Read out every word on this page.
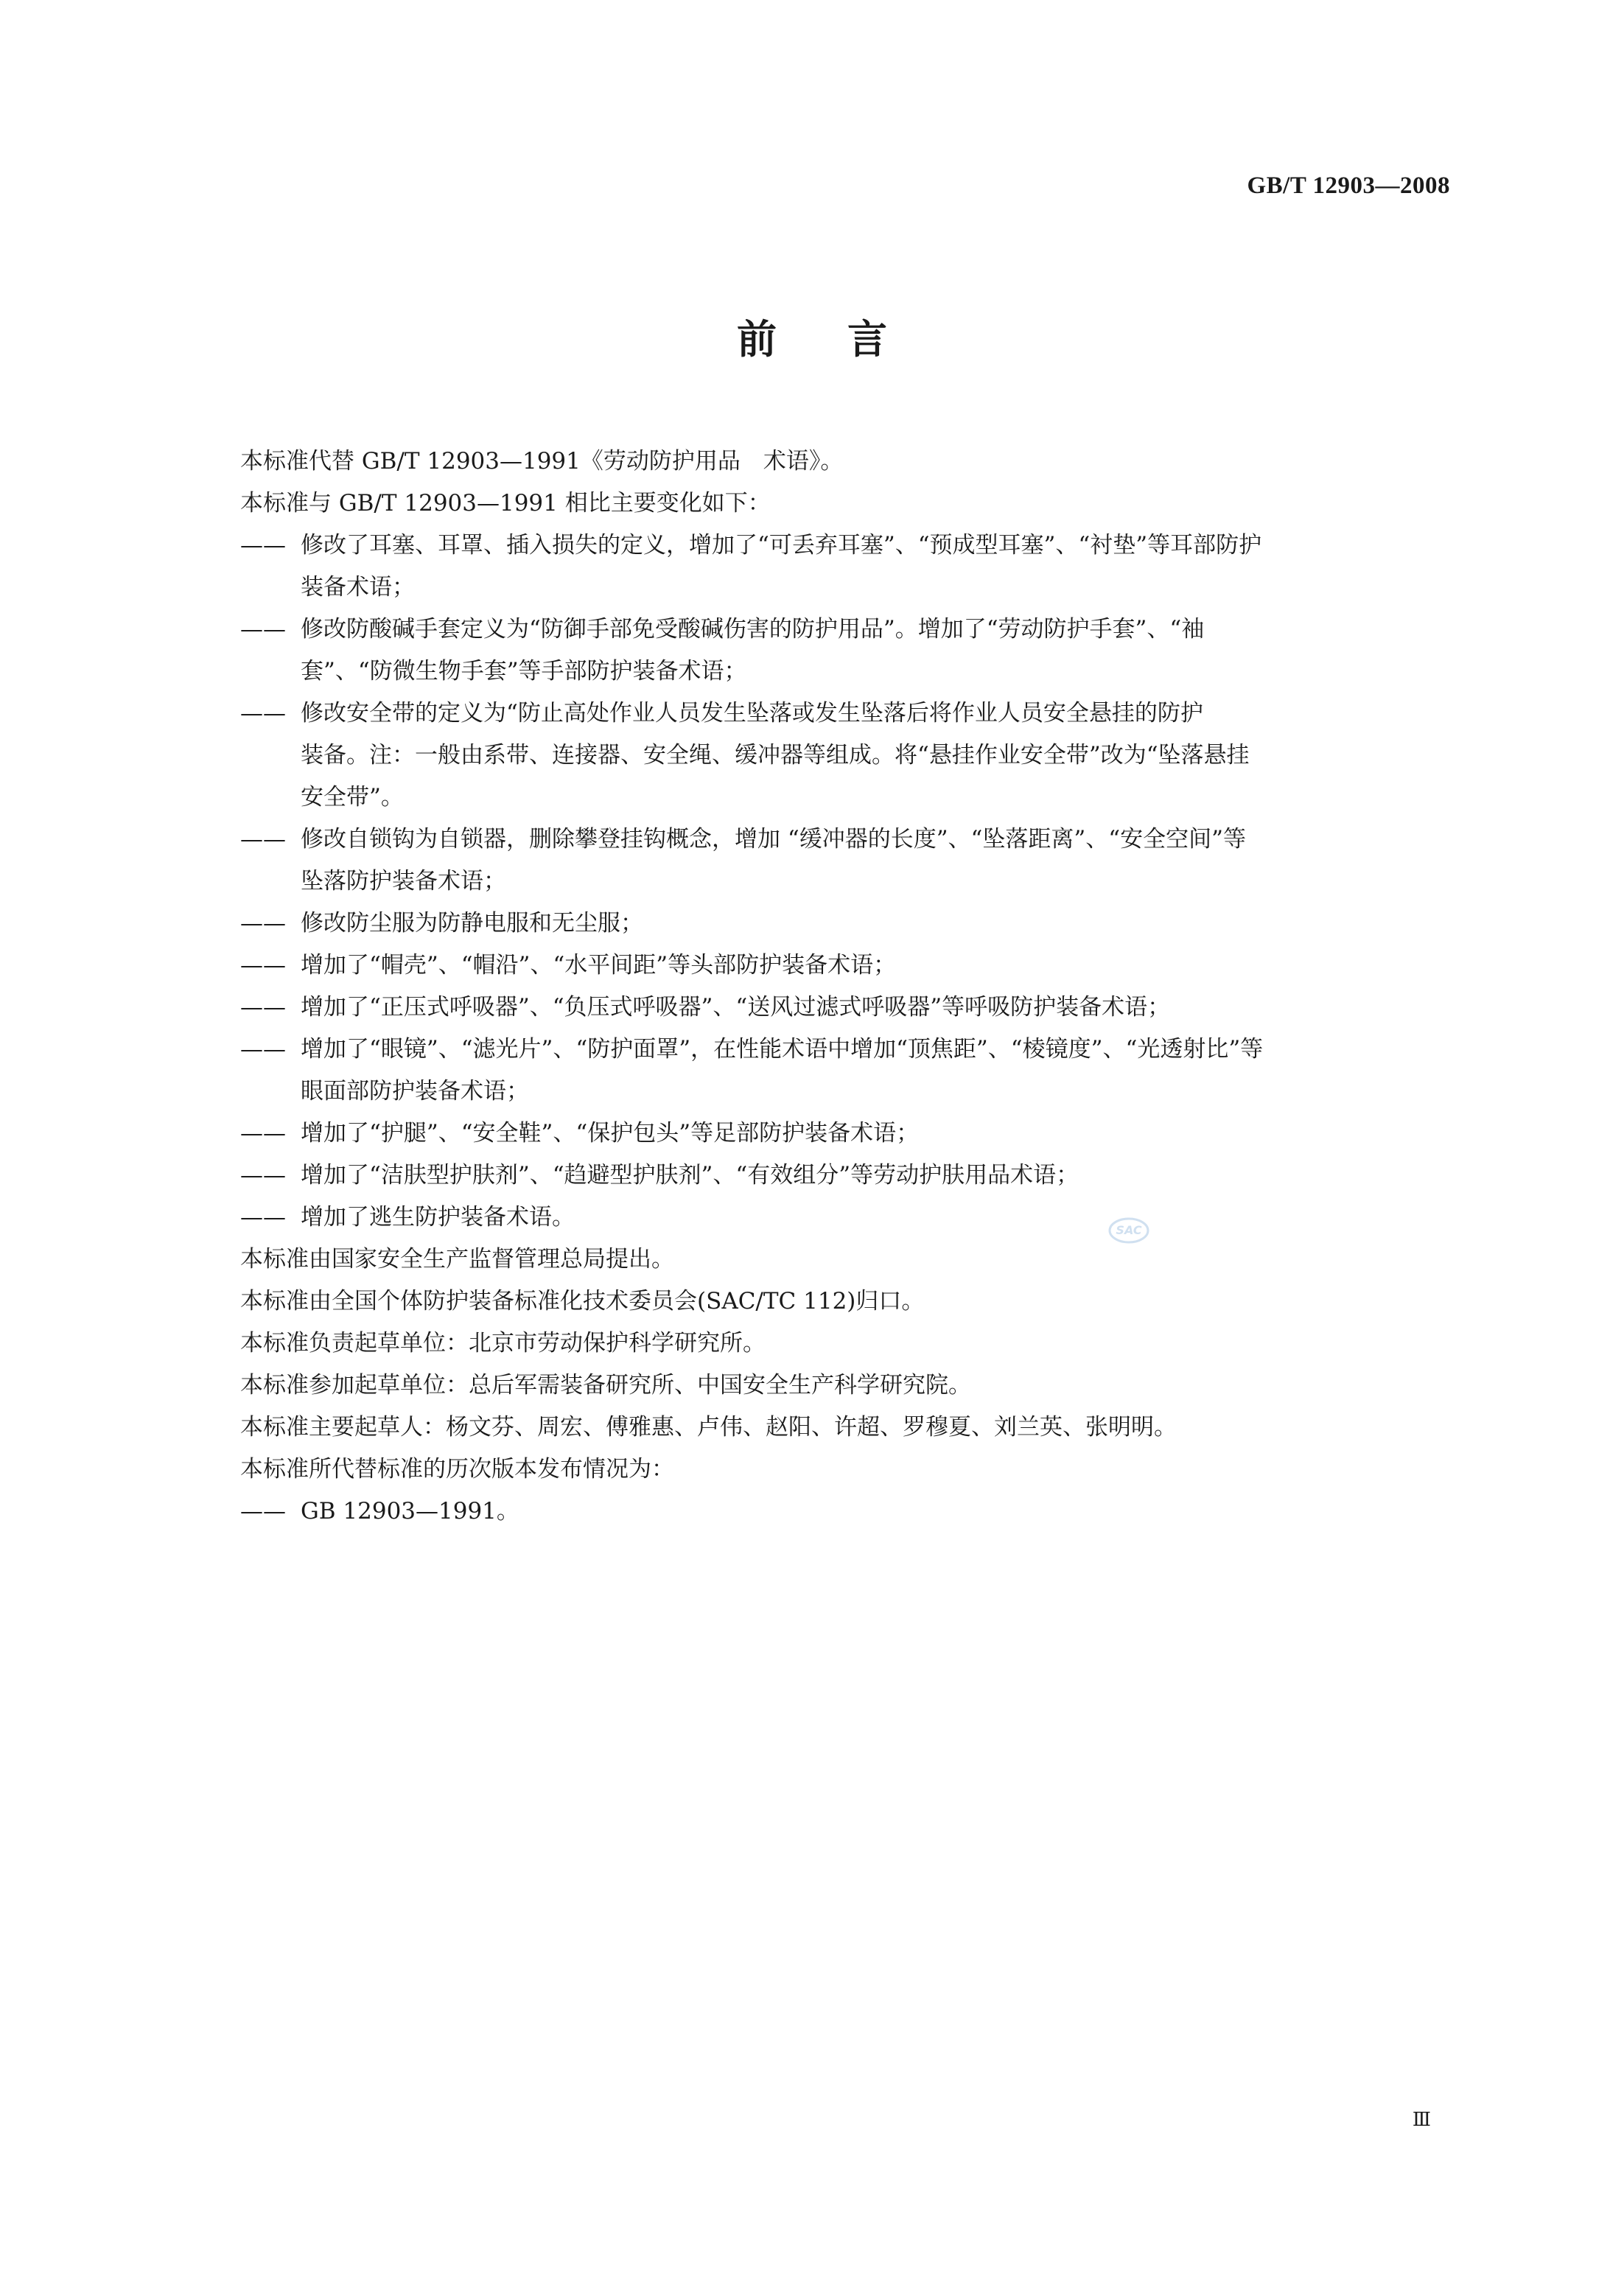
GB/T 12903—2008
前言

本标准代替 GB/T 12903—1991《劳动防护用品　术语》。

本标准与 GB/T 12903—1991 相比主要变化如下：

—— 修改了耳塞、耳罩、插入损失的定义，增加了“可丢弃耳塞”、“预成型耳塞”、“衬垫”等耳部防护
装备术语；
—— 修改防酸碱手套定义为“防御手部免受酸碱伤害的防护用品”。增加了“劳动防护手套”、“袖
套”、“防微生物手套”等手部防护装备术语；
—— 修改安全带的定义为“防止高处作业人员发生坠落或发生坠落后将作业人员安全悬挂的防护
装备。注：一般由系带、连接器、安全绳、缓冲器等组成。将“悬挂作业安全带”改为“坠落悬挂
安全带”。
—— 修改自锁钩为自锁器，删除攀登挂钩概念，增加 “缓冲器的长度”、“坠落距离”、“安全空间”等
坠落防护装备术语；
—— 修改防尘服为防静电服和无尘服；
—— 增加了“帽壳”、“帽沿”、“水平间距”等头部防护装备术语；
—— 增加了“正压式呼吸器”、“负压式呼吸器”、“送风过滤式呼吸器”等呼吸防护装备术语；
—— 增加了“眼镜”、“滤光片”、“防护面罩”，在性能术语中增加“顶焦距”、“棱镜度”、“光透射比”等
眼面部防护装备术语；
—— 增加了“护腿”、“安全鞋”、“保护包头”等足部防护装备术语；
—— 增加了“洁肤型护肤剂”、“趋避型护肤剂”、“有效组分”等劳动护肤用品术语；
—— 增加了逃生防护装备术语。

本标准由国家安全生产监督管理总局提出。

本标准由全国个体防护装备标准化技术委员会(SAC/TC 112)归口。

本标准负责起草单位：北京市劳动保护科学研究所。

本标准参加起草单位：总后军需装备研究所、中国安全生产科学研究院。

本标准主要起草人：杨文芬、周宏、傅雅惠、卢伟、赵阳、许超、罗穆夏、刘兰英、张明明。

本标准所代替标准的历次版本发布情况为：

—— GB 12903—1991。
SAC
Ⅲ
